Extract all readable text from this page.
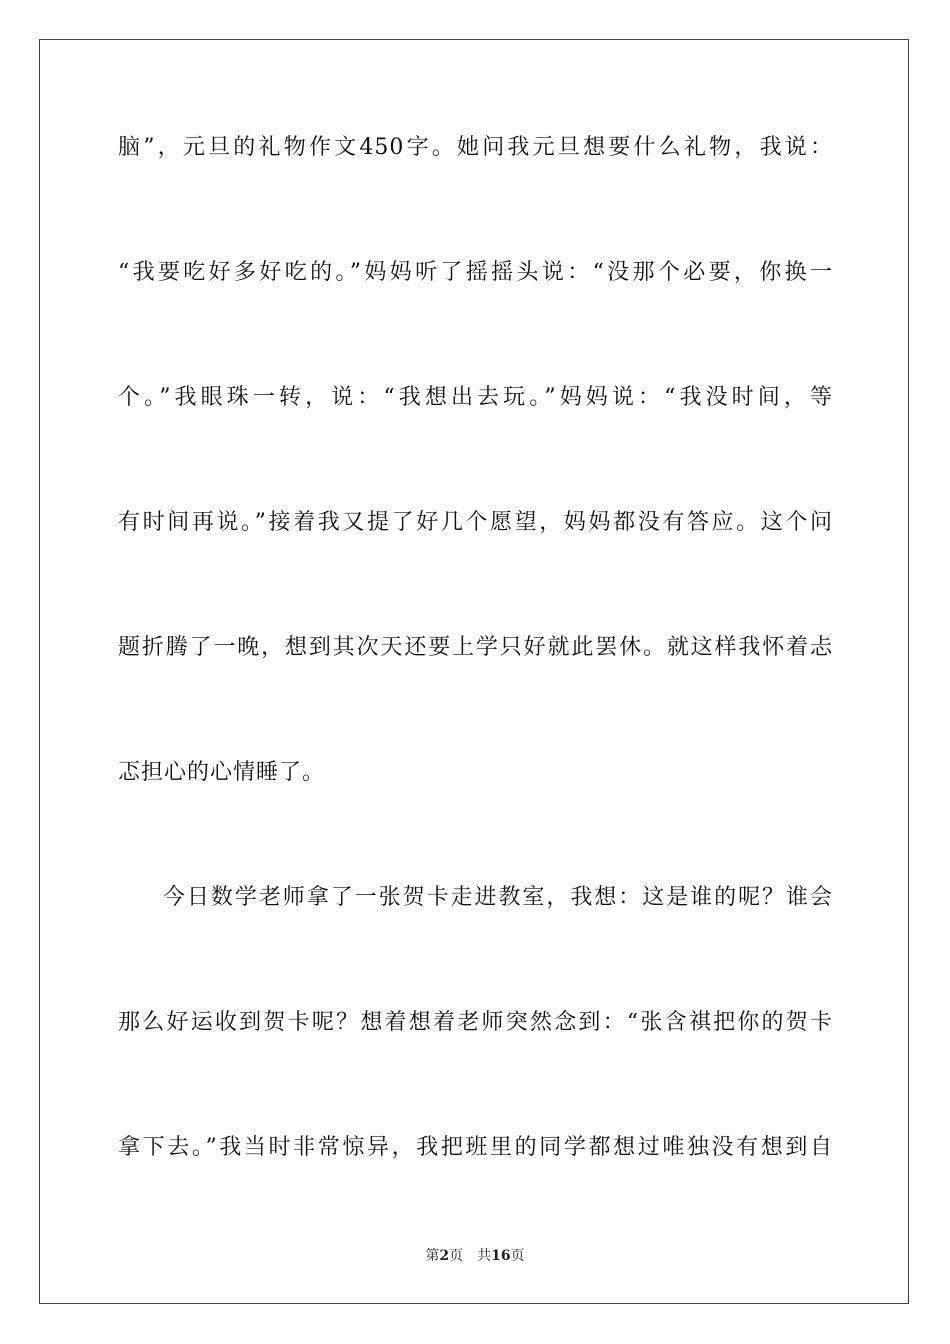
脑”，元旦的礼物作文450字。她问我元旦想要什么礼物，我说：
“我要吃好多好吃的。”妈妈听了摇摇头说：“没那个必要，你换一
个。”我眼珠一转，说：“我想出去玩。”妈妈说：“我没时间，等
有时间再说。”接着我又提了好几个愿望，妈妈都没有答应。这个问
题折腾了一晚，想到其次天还要上学只好就此罢休。就这样我怀着忐
忑担心的心情睡了。
今日数学老师拿了一张贺卡走进教室，我想：这是谁的呢？谁会
那么好运收到贺卡呢？想着想着老师突然念到：“张含祺把你的贺卡
拿下去。”我当时非常惊异，我把班里的同学都想过唯独没有想到自
第2页 共16页
